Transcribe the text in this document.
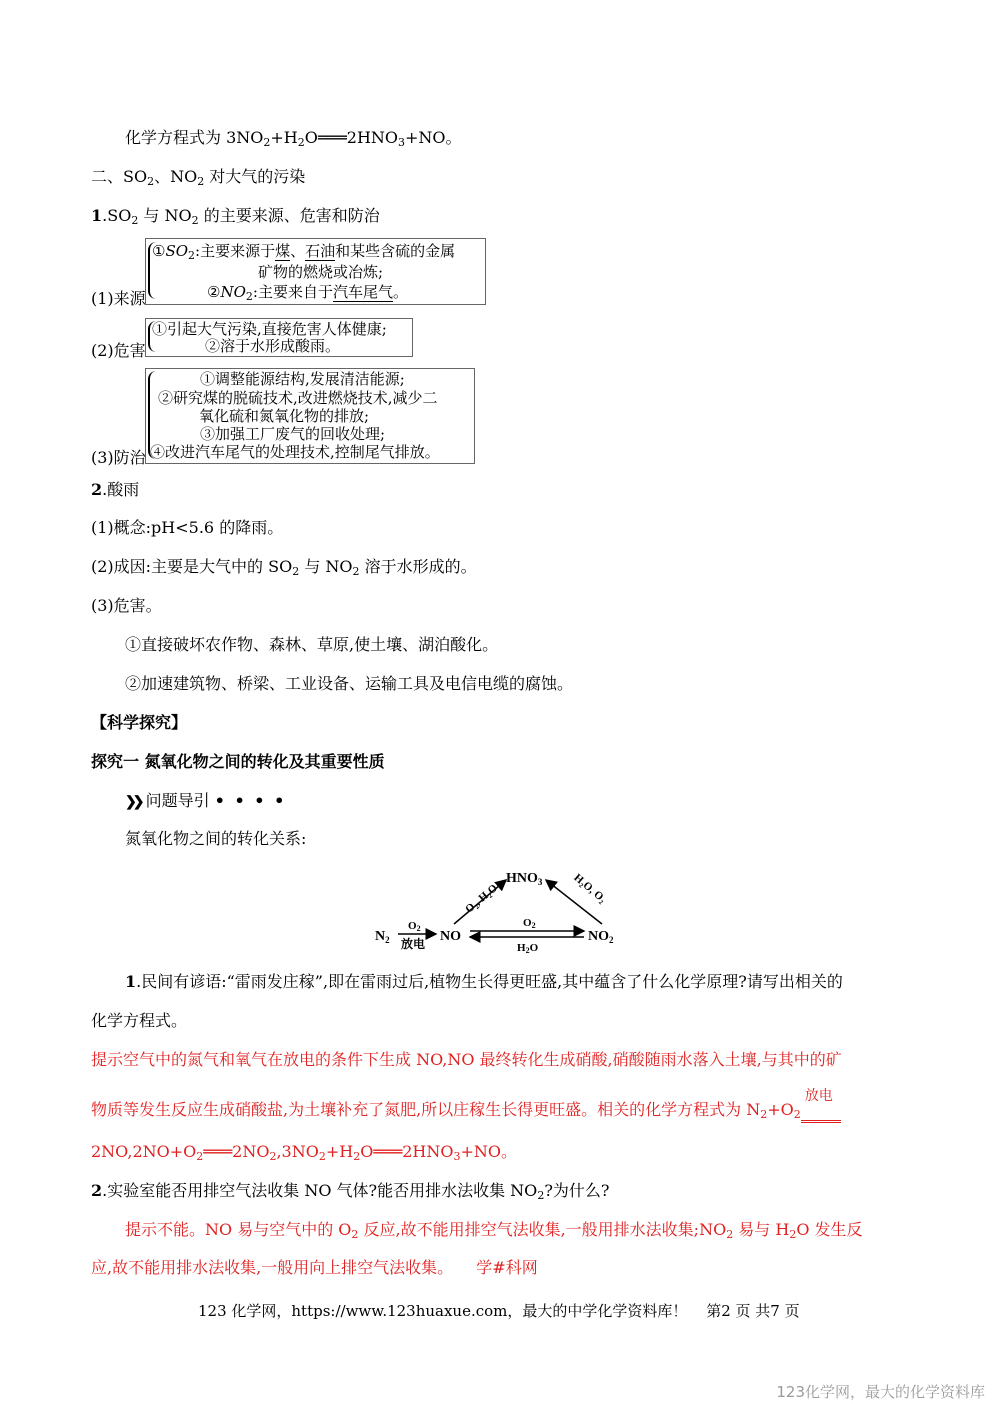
化学方程式为 $3NO_2+H_2O═══2HNO_3+NO$。
二、$SO_2$、$NO_2$ 对大气的污染
$1.SO_2$ 与 $NO_2$ 的主要来源、危害和防治
(1)来源
$①SO_2$:主要来源于煤、石油和某些含硫的金属
矿物的燃烧或冶炼;
$②NO_2$:主要来自于汽车尾气。
(2)危害
①引起大气污染,直接危害人体健康;
②溶于水形成酸雨。
(3)防治
①调整能源结构,发展清洁能源;
②研究煤的脱硫技术,改进燃烧技术,减少二
氧化硫和氮氧化物的排放;
③加强工厂废气的回收处理;
④改进汽车尾气的处理技术,控制尾气排放。
2.酸雨
(1)概念:pH<5.6 的降雨。
(2)成因:主要是大气中的 $SO_2$ 与 $NO_2$ 溶于水形成的。
(3)危害。
①直接破坏农作物、森林、草原,使土壤、湖泊酸化。
②加速建筑物、桥梁、工业设备、运输工具及电信电缆的腐蚀。
【科学探究】
探究一 氮氧化物之间的转化及其重要性质
❯❯ 问题导引 • • • •
氮氧化物之间的转化关系:
$N_2$
O2
放电 NO
$HNO_3$
$NO_2$
O₂, H₂O	H₂O, O₂
O2
H2O
1.民间有谚语:“雷雨发庄稼”,即在雷雨过后,植物生长得更旺盛,其中蕴含了什么化学原理?请写出相关的
化学方程式。
提示空气中的氮气和氧气在放电的条件下生成 NO,NO 最终转化生成硝酸,硝酸随雨水落入土壤,与其中的矿
物质等发生反应生成硝酸盐,为土壤补充了氮肥,所以庄稼生长得更旺盛。相关的化学方程式为 $N_2+O_2$
放电

$2NO,2NO+O_2═══2NO_2,3NO_2+H_2O═══2HNO_3+NO$。
2.实验室能否用排空气法收集 NO 气体?能否用排水法收集 $NO_2$?为什么?
提示不能。NO 易与空气中的 $O_2$ 反应,故不能用排空气法收集,一般用排水法收集$;NO_2$ 易与 $H_2O$ 发生反
应,故不能用排水法收集,一般用向上排空气法收集。 学#科网
123 化学网，https://www.123huaxue.com，最大的中学化学资料库！ 第2 页 共7 页
123化学网，最大的化学资料库
